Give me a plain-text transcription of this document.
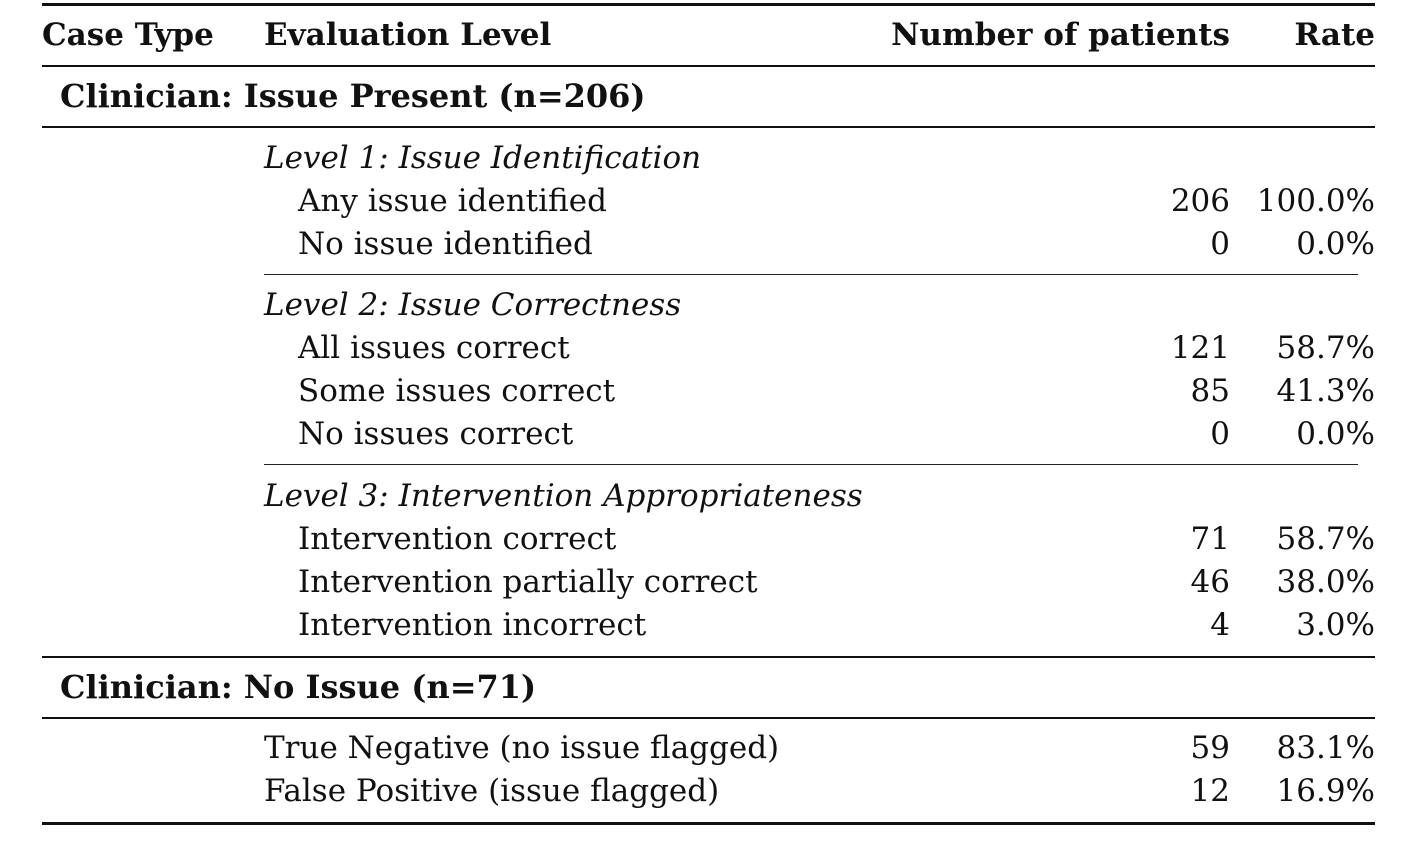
Case Type Evaluation Level	Number of patients Rate
Clinician: Issue Present (n=206)
Level 1: Issue Identification
Any issue identified	206 100.0%
No issue identified	0 0.0%
Level 2: Issue Correctness
All issues correct	121 58.7%
Some issues correct	85 41.3%
No issues correct	0 0.0%
Level 3: Intervention Appropriateness
Intervention correct	71 58.7%
Intervention partially correct	46 38.0%
Intervention incorrect	4 3.0%
Clinician: No Issue (n=71)
True Negative (no issue flagged)	59 83.1%
False Positive (issue flagged)	12 16.9%
